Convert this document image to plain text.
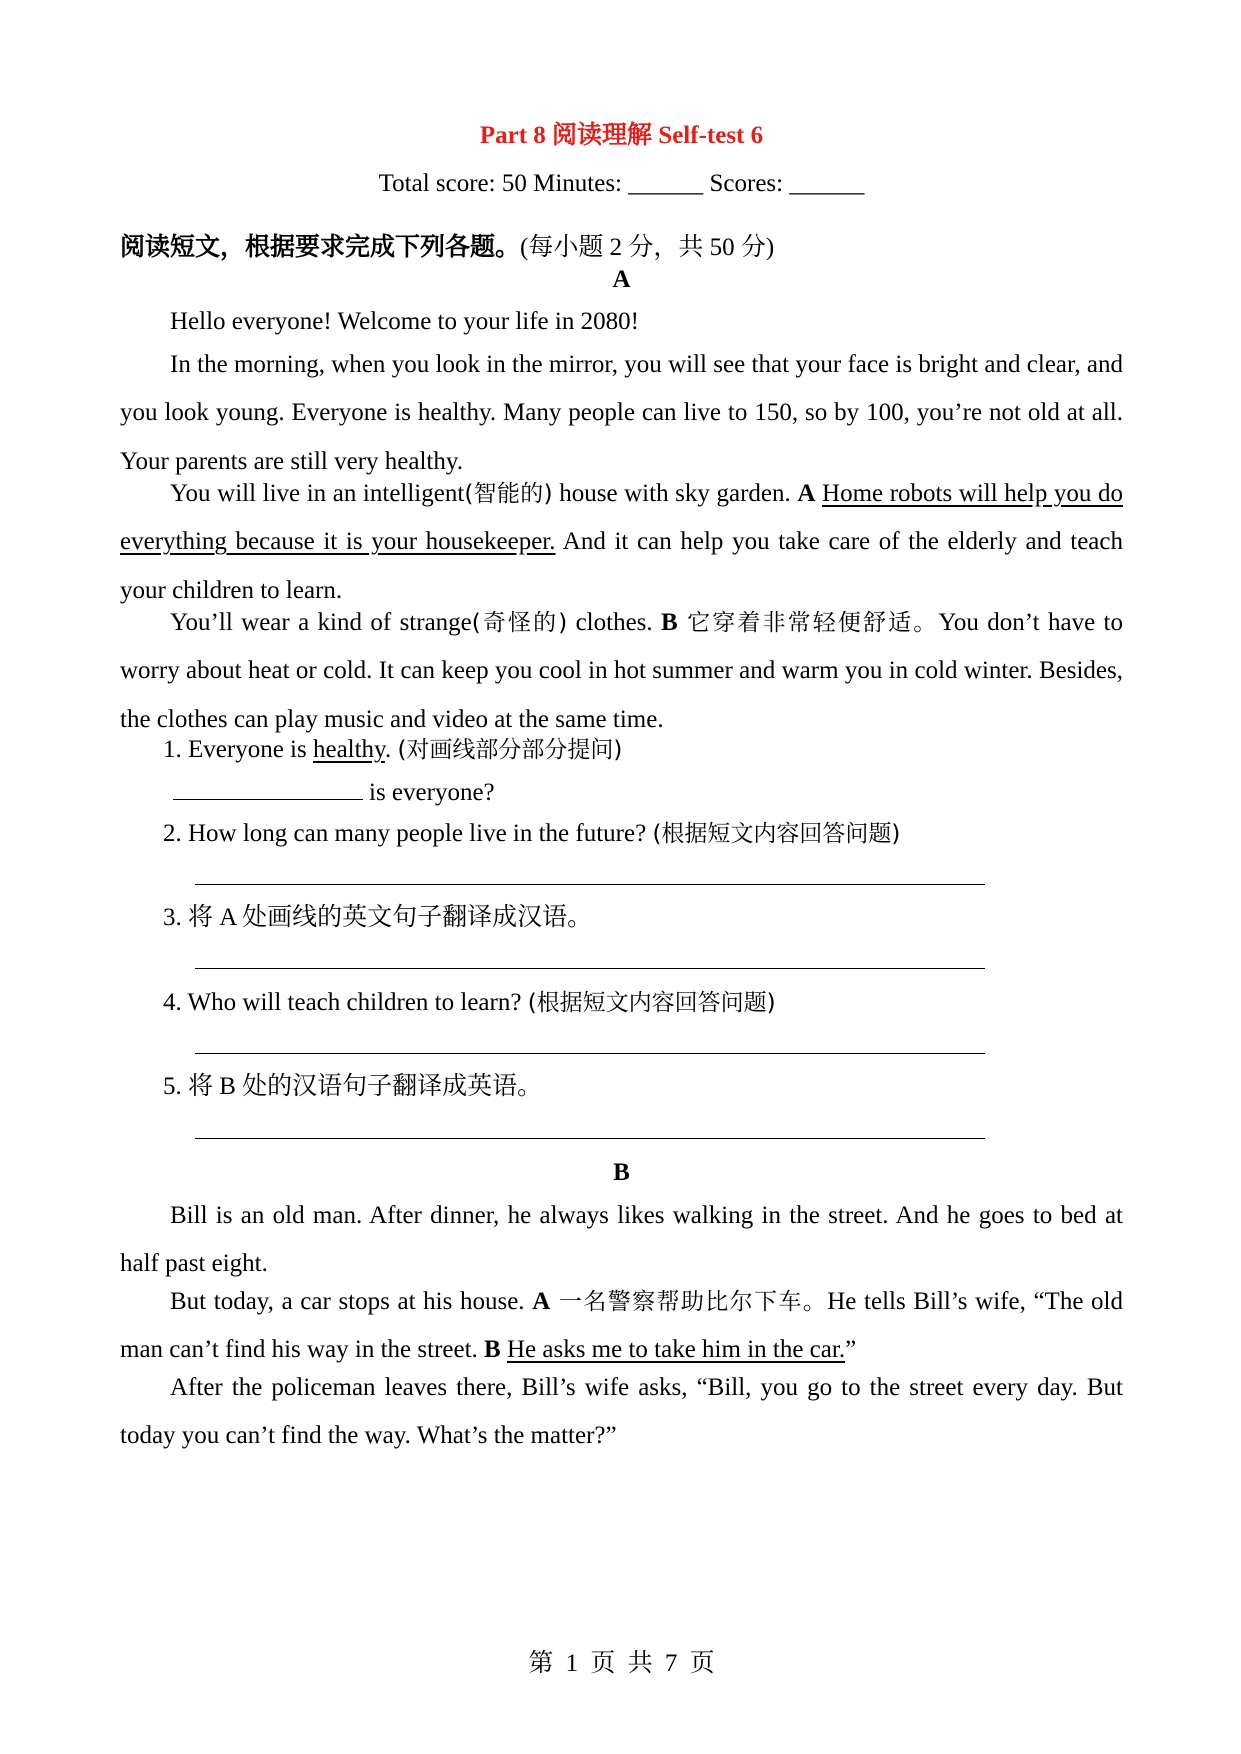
Part 8 阅读理解 Self-test 6
Total score: 50 Minutes: ______ Scores: ______
阅读短文，根据要求完成下列各题。(每小题 2 分，共 50 分)
A
Hello everyone! Welcome to your life in 2080!
In the morning, when you look in the mirror, you will see that your face is bright and clear, and you look young. Everyone is healthy. Many people can live to 150, so by 100, you’re not old at all. Your parents are still very healthy.
You will live in an intelligent(智能的) house with sky garden. A Home robots will help you do everything because it is your housekeeper. And it can help you take care of the elderly and teach your children to learn.
You’ll wear a kind of strange(奇怪的) clothes. B 它穿着非常轻便舒适。You don’t have to worry about heat or cold. It can keep you cool in hot summer and warm you in cold winter. Besides, the clothes can play music and video at the same time.
1. Everyone is healthy. (对画线部分部分提问)
is everyone?
2. How long can many people live in the future? (根据短文内容回答问题)
3. 将 A 处画线的英文句子翻译成汉语。
4. Who will teach children to learn? (根据短文内容回答问题)
5. 将 B 处的汉语句子翻译成英语。
B
Bill is an old man. After dinner, he always likes walking in the street. And he goes to bed at half past eight.
But today, a car stops at his house. A 一名警察帮助比尔下车。He tells Bill’s wife, “The old man can’t find his way in the street. B He asks me to take him in the car.”
After the policeman leaves there, Bill’s wife asks, “Bill, you go to the street every day. But today you can’t find the way. What’s the matter?”
第 1 页 共 7 页
